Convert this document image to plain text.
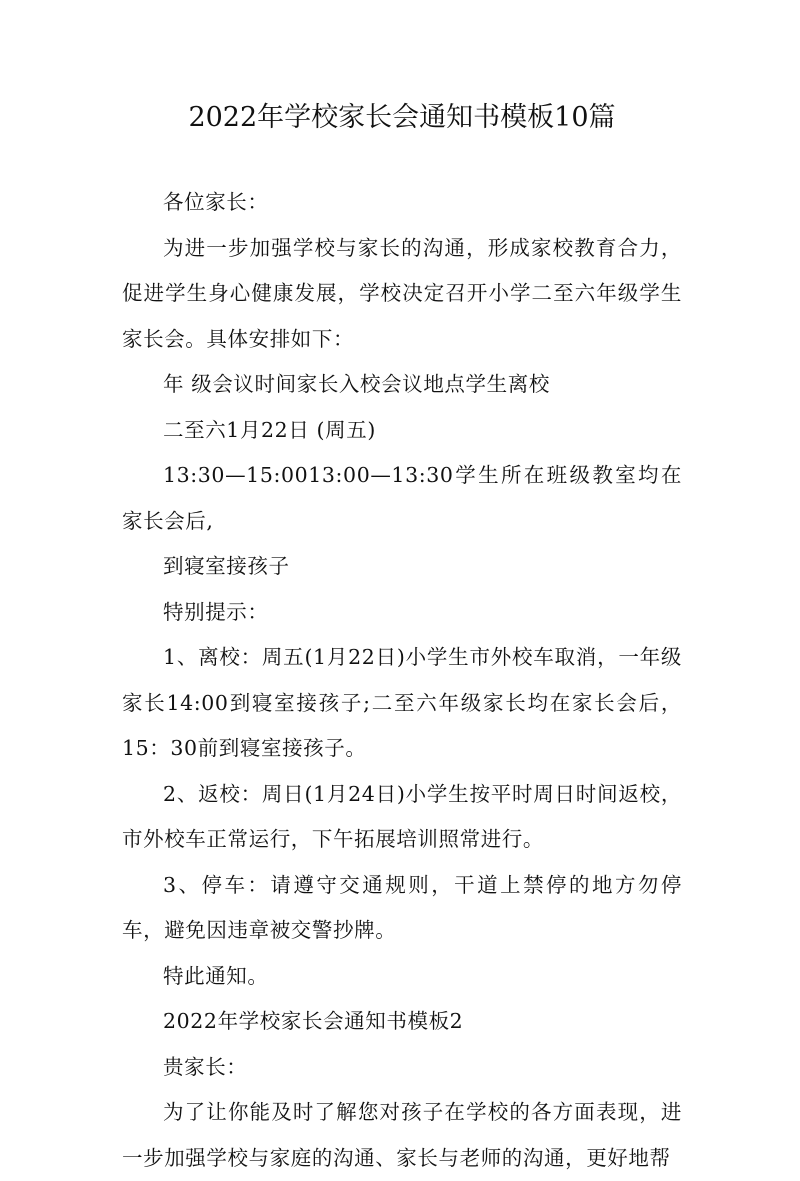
2022年学校家长会通知书模板10篇

各位家长：

为进一步加强学校与家长的沟通，形成家校教育合力，促进学生身心健康发展，学校决定召开小学二至六年级学生家长会。具体安排如下：

年 级会议时间家长入校会议地点学生离校

二至六1月22日 (周五)

13:30—15:0013:00—13:30学生所在班级教室均在家长会后,

到寝室接孩子

特别提示：

1、离校：周五(1月22日)小学生市外校车取消，一年级家长14:00到寝室接孩子;二至六年级家长均在家长会后，15：30前到寝室接孩子。

2、返校：周日(1月24日)小学生按平时周日时间返校，市外校车正常运行，下午拓展培训照常进行。

3、停车：请遵守交通规则，干道上禁停的地方勿停车，避免因违章被交警抄牌。

特此通知。

2022年学校家长会通知书模板2

贵家长：

为了让你能及时了解您对孩子在学校的各方面表现，进一步加强学校与家庭的沟通、家长与老师的沟通，更好地帮
